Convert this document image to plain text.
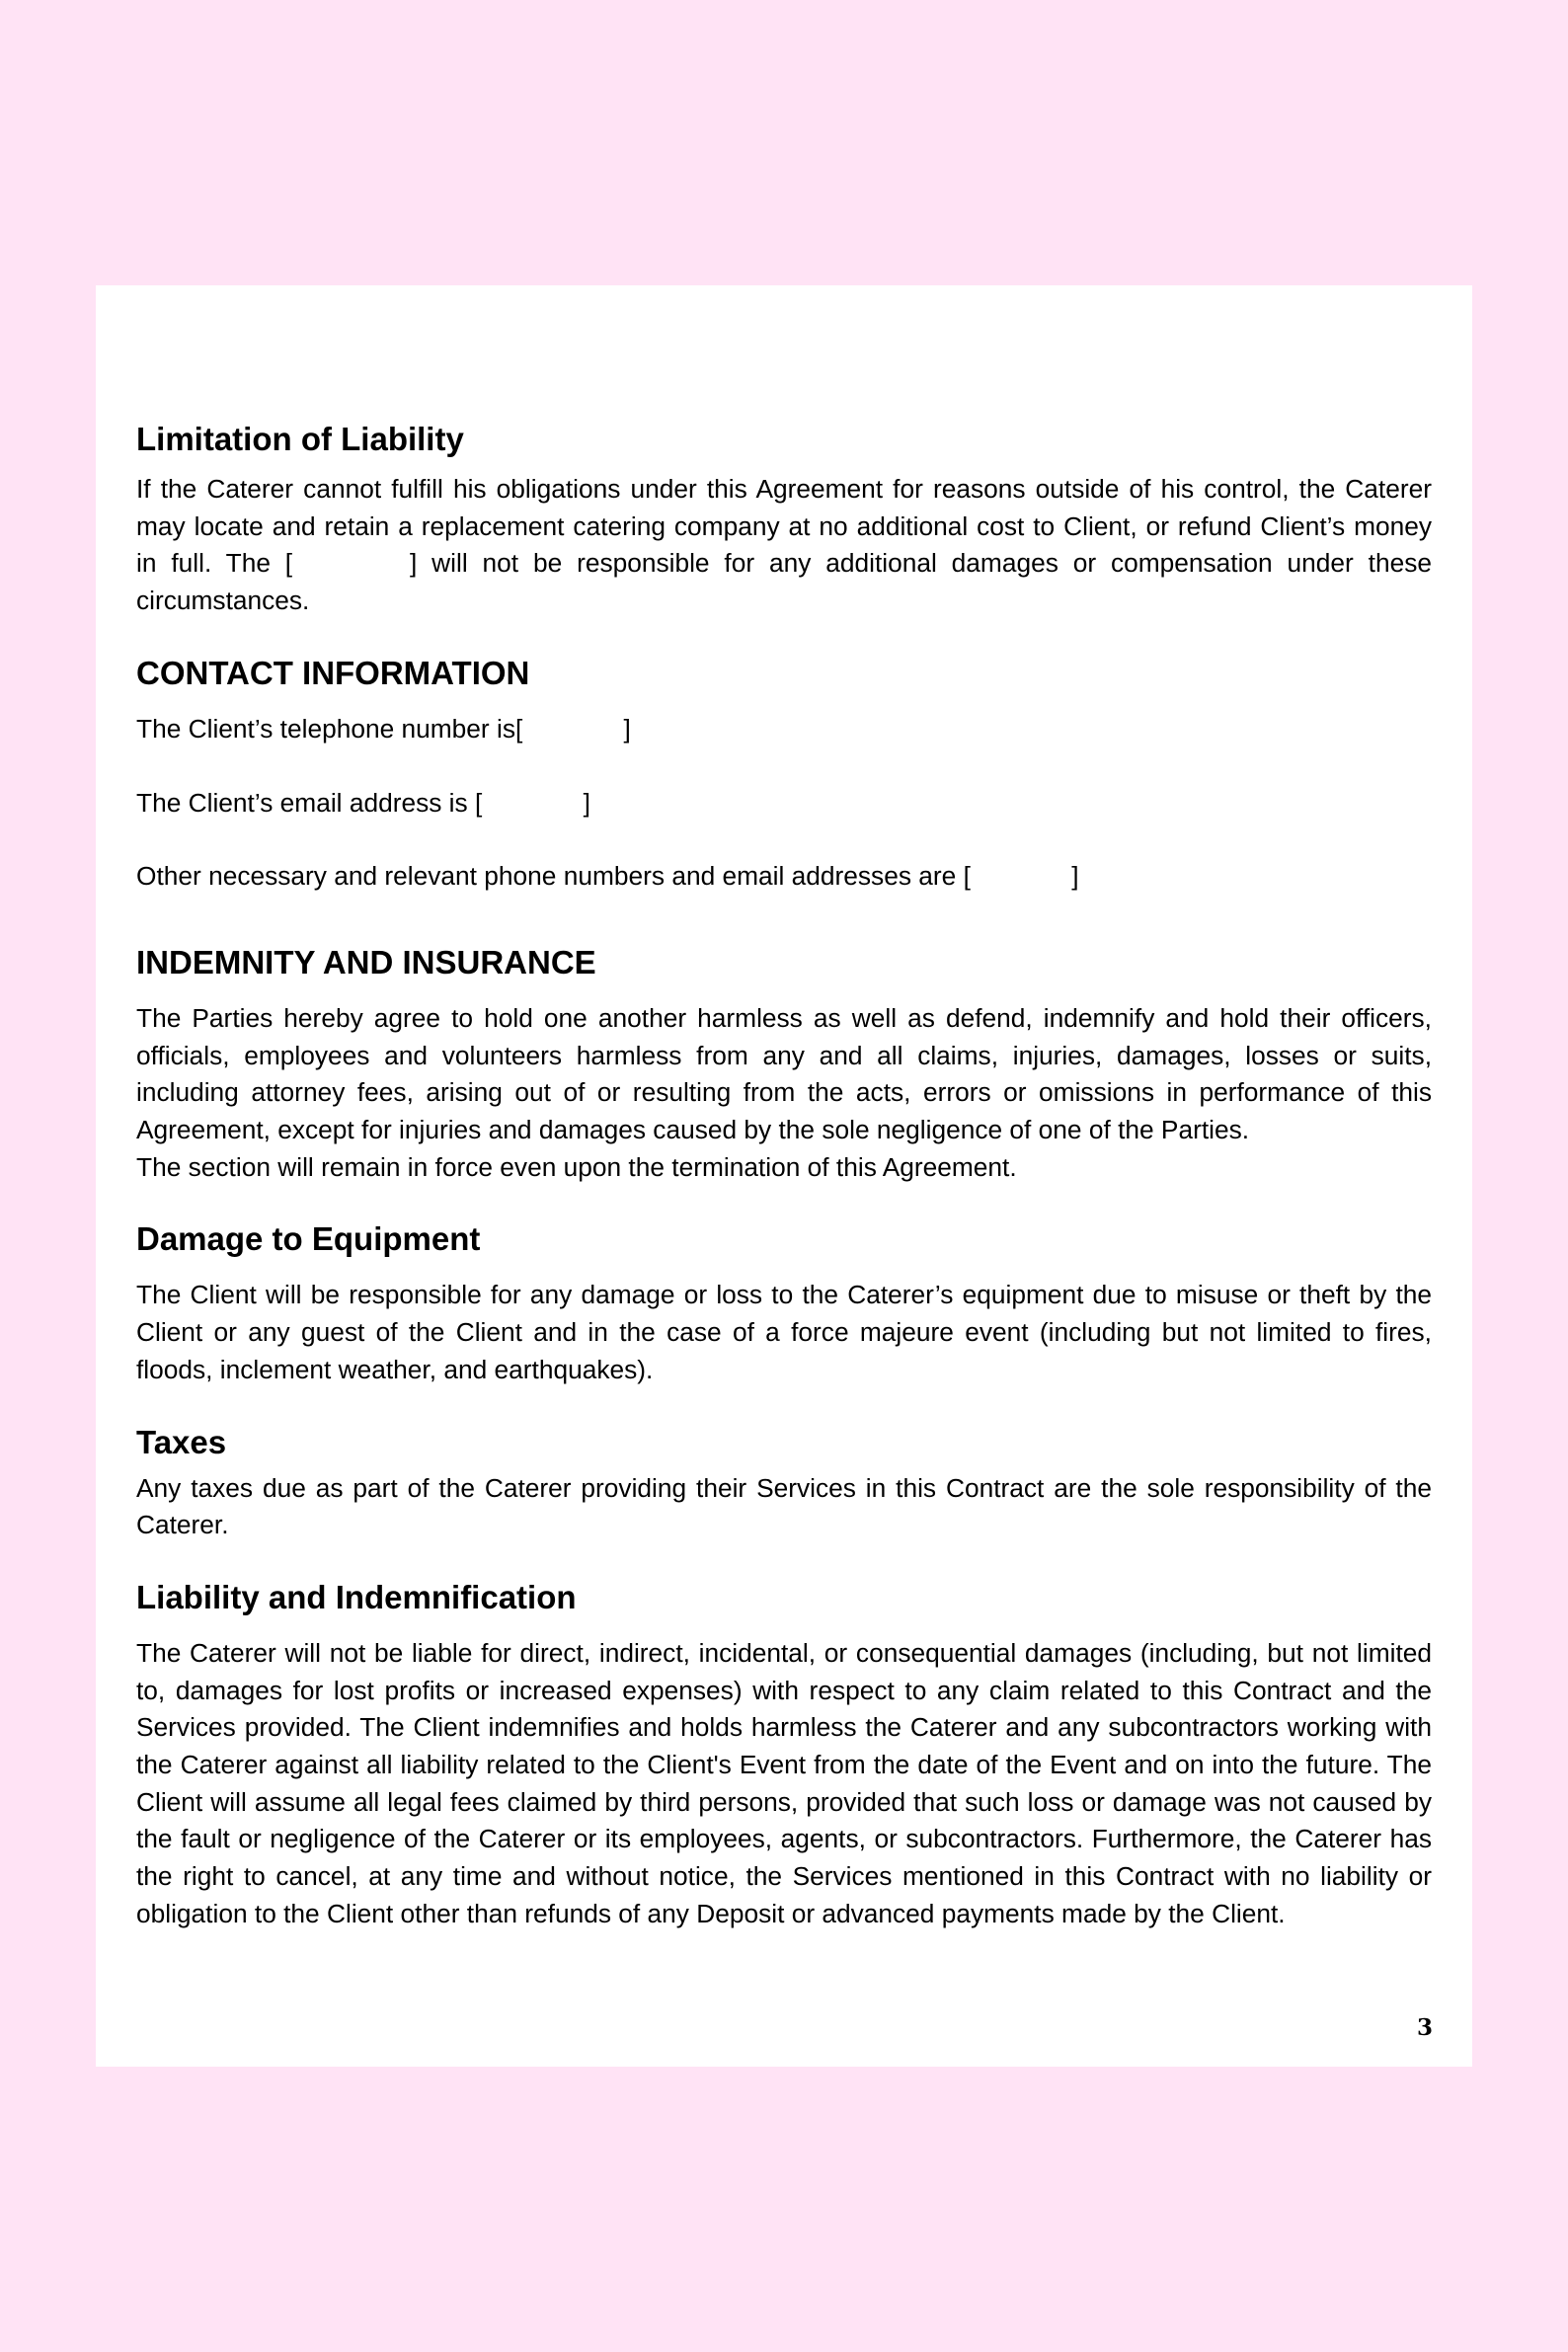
Limitation of Liability

If the Caterer cannot fulfill his obligations under this Agreement for reasons outside of his control, the Caterer may locate and retain a replacement catering company at no additional cost to Client, or refund Client’s money in full. The [        ] will not be responsible for any additional damages or compensation under these circumstances.

CONTACT INFORMATION
The Client’s telephone number is[              ]
The Client’s email address is [              ]
Other necessary and relevant phone numbers and email addresses are [              ]
INDEMNITY AND INSURANCE

The Parties hereby agree to hold one another harmless as well as defend, indemnify and hold their officers, officials, employees and volunteers harmless from any and all claims, injuries, damages, losses or suits, including attorney fees, arising out of or resulting from the acts, errors or omissions in performance of this Agreement, except for injuries and damages caused by the sole negligence of one of the Parties.

The section will remain in force even upon the termination of this Agreement.

Damage to Equipment

The Client will be responsible for any damage or loss to the Caterer’s equipment due to misuse or theft by the Client or any guest of the Client and in the case of a force majeure event (including but not limited to fires, floods, inclement weather, and earthquakes).

Taxes

Any taxes due as part of the Caterer providing their Services in this Contract are the sole responsibility of the Caterer.

Liability and Indemnification

The Caterer will not be liable for direct, indirect, incidental, or consequential damages (including, but not limited to, damages for lost profits or increased expenses) with respect to any claim related to this Contract and the Services provided. The Client indemnifies and holds harmless the Caterer and any subcontractors working with the Caterer against all liability related to the Client's Event from the date of the Event and on into the future. The Client will assume all legal fees claimed by third persons, provided that such loss or damage was not caused by the fault or negligence of the Caterer or its employees, agents, or subcontractors. Furthermore, the Caterer has the right to cancel, at any time and without notice, the Services mentioned in this Contract with no liability or obligation to the Client other than refunds of any Deposit or advanced payments made by the Client.

3
